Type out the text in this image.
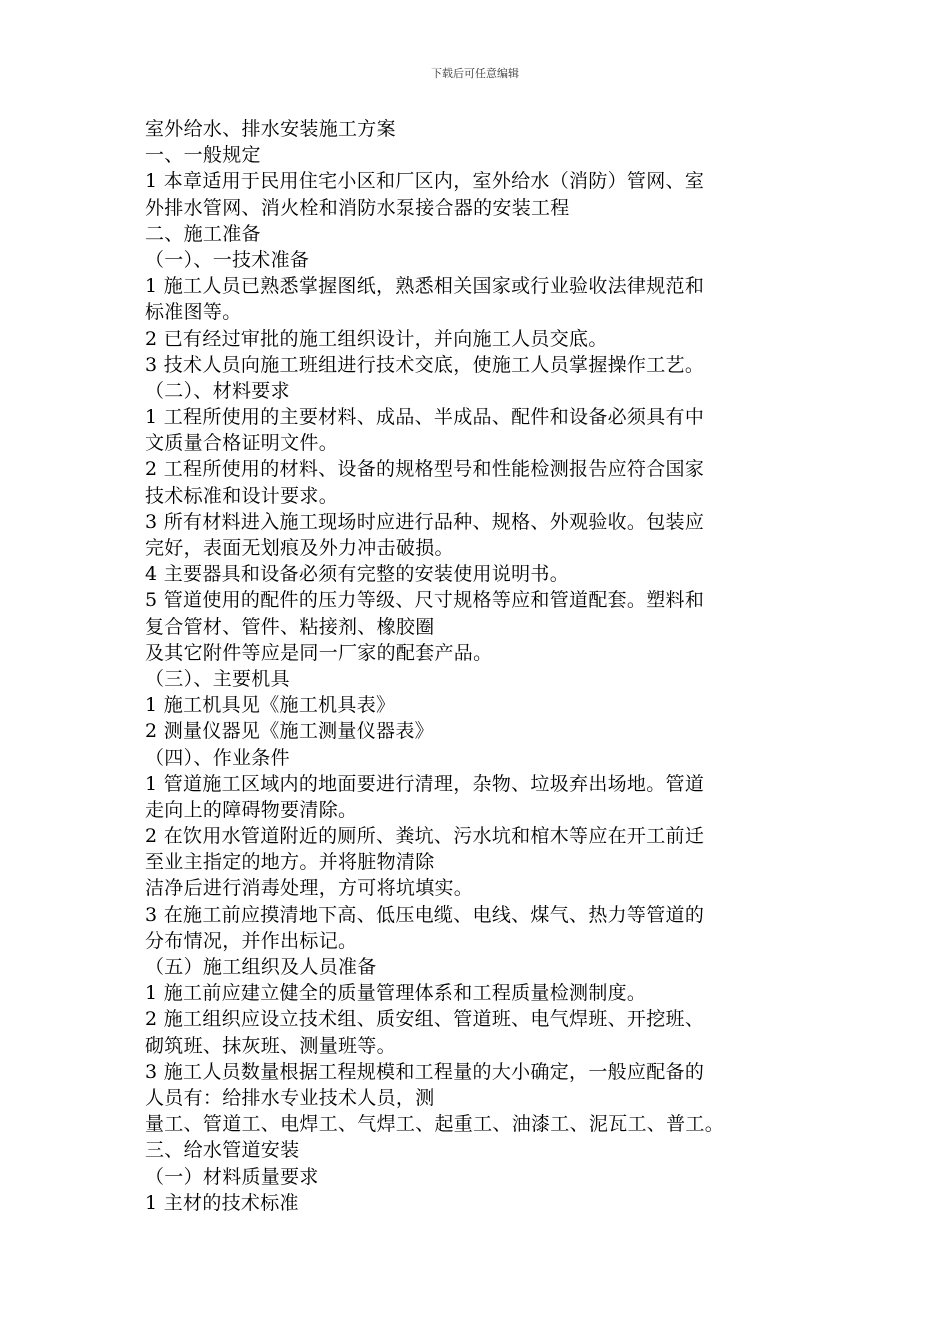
下载后可任意编辑
室外给水、排水安装施工方案
一、一般规定
1 本章适用于民用住宅小区和厂区内，室外给水（消防）管网、室
外排水管网、消火栓和消防水泵接合器的安装工程
二、施工准备
（一）、一技术准备
1 施工人员已熟悉掌握图纸，熟悉相关国家或行业验收法律规范和
标准图等。
2 已有经过审批的施工组织设计，并向施工人员交底。
3 技术人员向施工班组进行技术交底，使施工人员掌握操作工艺。
（二）、材料要求
1 工程所使用的主要材料、成品、半成品、配件和设备必须具有中
文质量合格证明文件。
2 工程所使用的材料、设备的规格型号和性能检测报告应符合国家
技术标准和设计要求。
3 所有材料进入施工现场时应进行品种、规格、外观验收。包装应
完好，表面无划痕及外力冲击破损。
4 主要器具和设备必须有完整的安装使用说明书。
5 管道使用的配件的压力等级、尺寸规格等应和管道配套。塑料和
复合管材、管件、粘接剂、橡胶圈
及其它附件等应是同一厂家的配套产品。
（三）、主要机具
1 施工机具见《施工机具表》
2 测量仪器见《施工测量仪器表》
（四）、作业条件
1 管道施工区域内的地面要进行清理，杂物、垃圾弃出场地。管道
走向上的障碍物要清除。
2 在饮用水管道附近的厕所、粪坑、污水坑和棺木等应在开工前迁
至业主指定的地方。并将脏物清除
洁净后进行消毒处理，方可将坑填实。
3 在施工前应摸清地下高、低压电缆、电线、煤气、热力等管道的
分布情况，并作出标记。
（五）施工组织及人员准备
1 施工前应建立健全的质量管理体系和工程质量检测制度。
2 施工组织应设立技术组、质安组、管道班、电气焊班、开挖班、
砌筑班、抹灰班、测量班等。
3 施工人员数量根据工程规模和工程量的大小确定，一般应配备的
人员有：给排水专业技术人员，测
量工、管道工、电焊工、气焊工、起重工、油漆工、泥瓦工、普工。
三、给水管道安装
（一）材料质量要求
1 主材的技术标准
